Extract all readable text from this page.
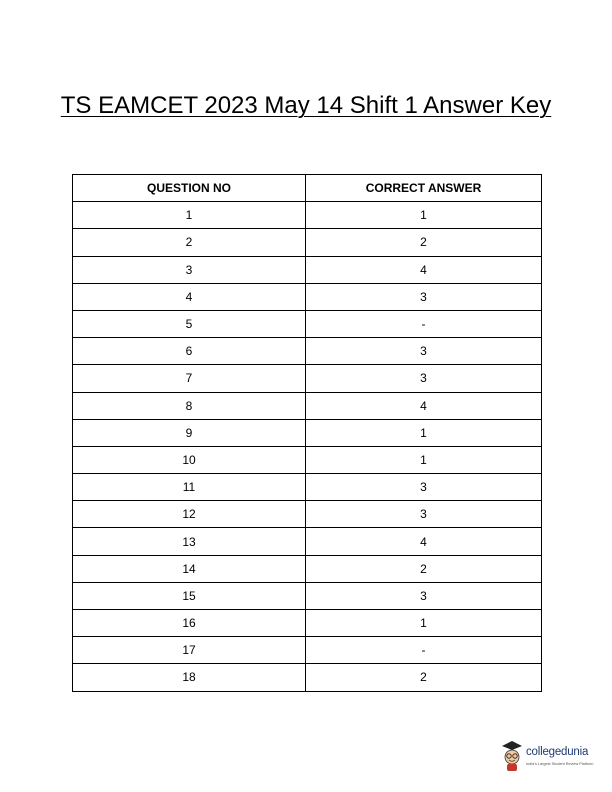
TS EAMCET 2023 May 14 Shift 1 Answer Key
QUESTION NO	CORRECT ANSWER
1	1
2	2
3	4
4	3
5	-
6	3
7	3
8	4
9	1
10	1
11	3
12	3
13	4
14	2
15	3
16	1
17	-
18	2
collegedunia
India's Largest Student Review Platform
